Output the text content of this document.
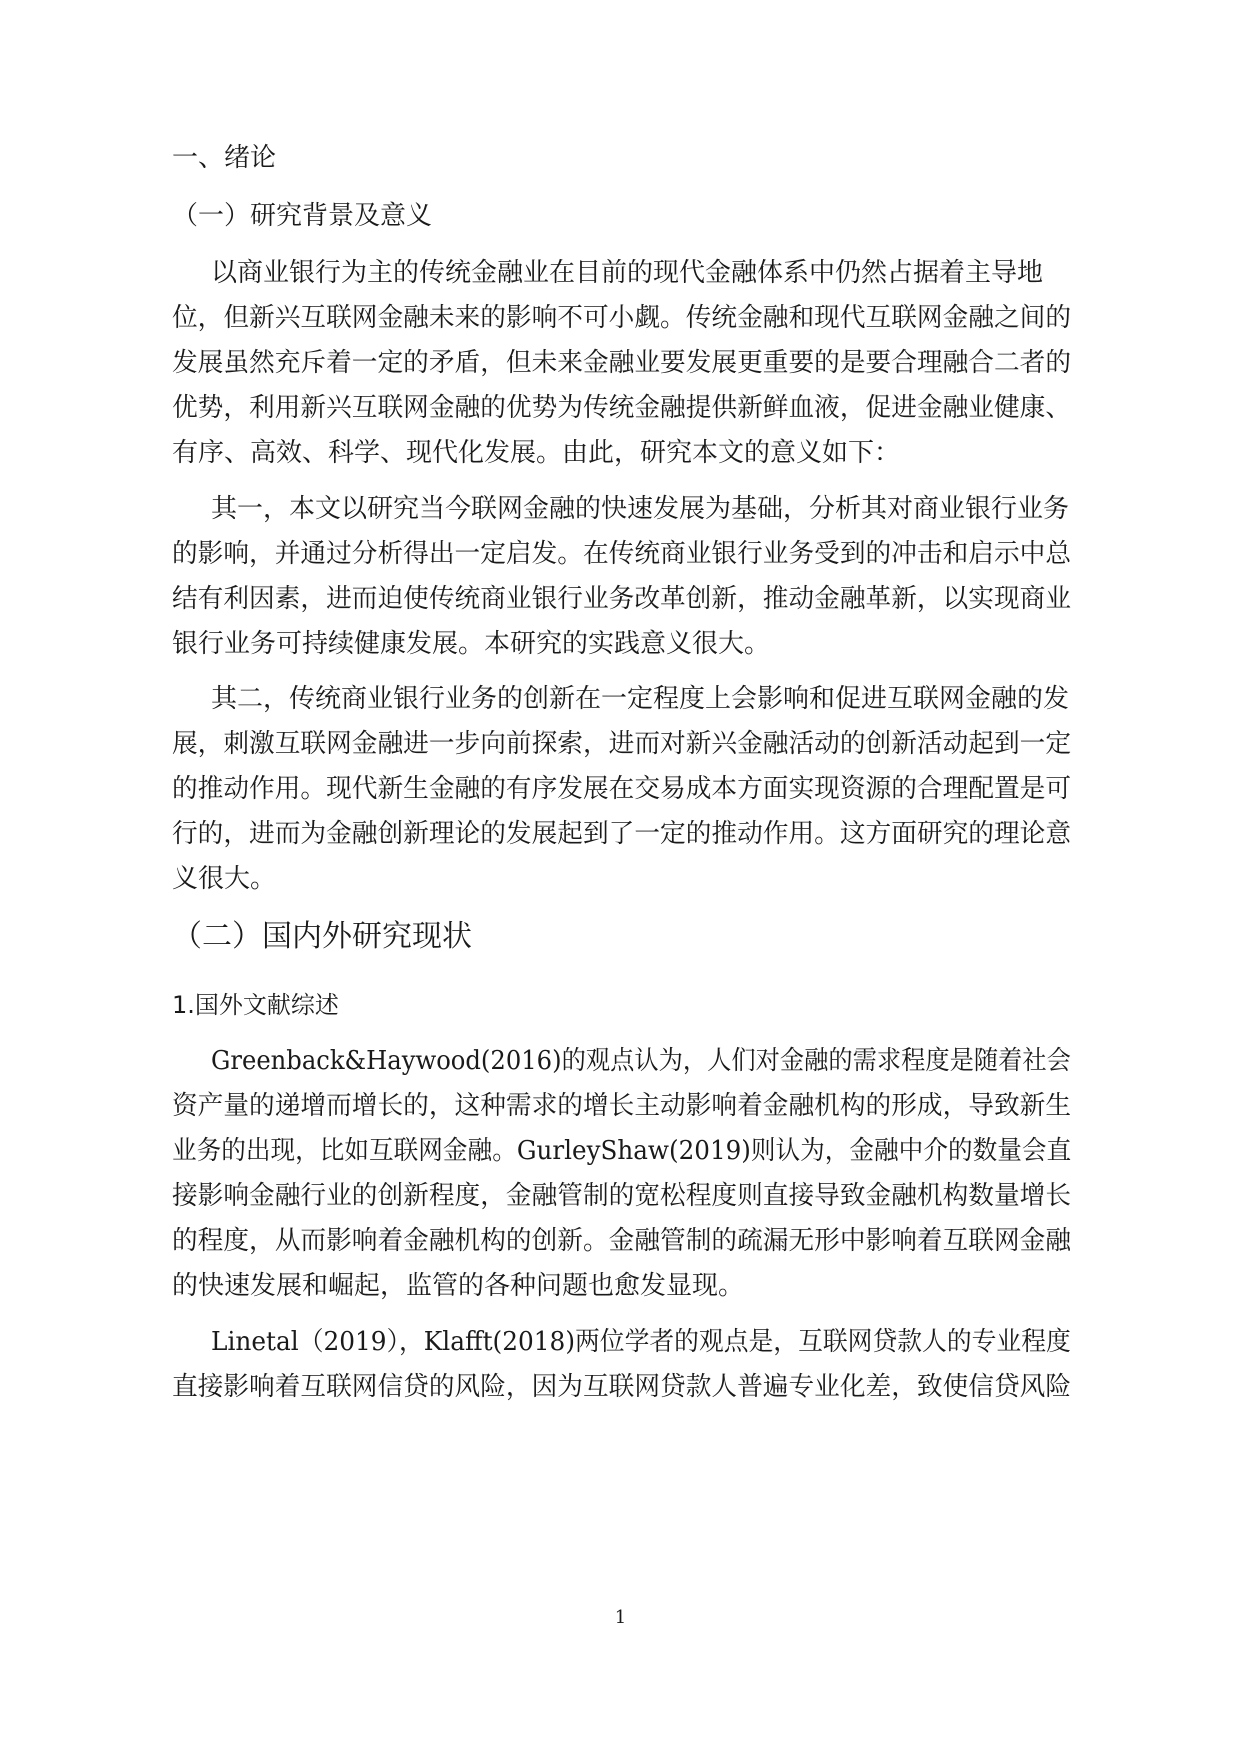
一、绪论
（一）研究背景及意义
以商业银行为主的传统金融业在目前的现代金融体系中仍然占据着主导地
位，但新兴互联网金融未来的影响不可小觑。传统金融和现代互联网金融之间的
发展虽然充斥着一定的矛盾，但未来金融业要发展更重要的是要合理融合二者的
优势，利用新兴互联网金融的优势为传统金融提供新鲜血液，促进金融业健康、
有序、高效、科学、现代化发展。由此，研究本文的意义如下：
其一，本文以研究当今联网金融的快速发展为基础，分析其对商业银行业务
的影响，并通过分析得出一定启发。在传统商业银行业务受到的冲击和启示中总
结有利因素，进而迫使传统商业银行业务改革创新，推动金融革新，以实现商业
银行业务可持续健康发展。本研究的实践意义很大。
其二，传统商业银行业务的创新在一定程度上会影响和促进互联网金融的发
展，刺激互联网金融进一步向前探索，进而对新兴金融活动的创新活动起到一定
的推动作用。现代新生金融的有序发展在交易成本方面实现资源的合理配置是可
行的，进而为金融创新理论的发展起到了一定的推动作用。这方面研究的理论意
义很大。
（二）国内外研究现状
1.国外文献综述
Greenback&Haywood(2016)的观点认为，人们对金融的需求程度是随着社会
资产量的递增而增长的，这种需求的增长主动影响着金融机构的形成，导致新生
业务的出现，比如互联网金融。GurleyShaw(2019)则认为，金融中介的数量会直
接影响金融行业的创新程度，金融管制的宽松程度则直接导致金融机构数量增长
的程度，从而影响着金融机构的创新。金融管制的疏漏无形中影响着互联网金融
的快速发展和崛起，监管的各种问题也愈发显现。
Linetal（2019），Klafft(2018)两位学者的观点是，互联网贷款人的专业程度
直接影响着互联网信贷的风险，因为互联网贷款人普遍专业化差，致使信贷风险
1
